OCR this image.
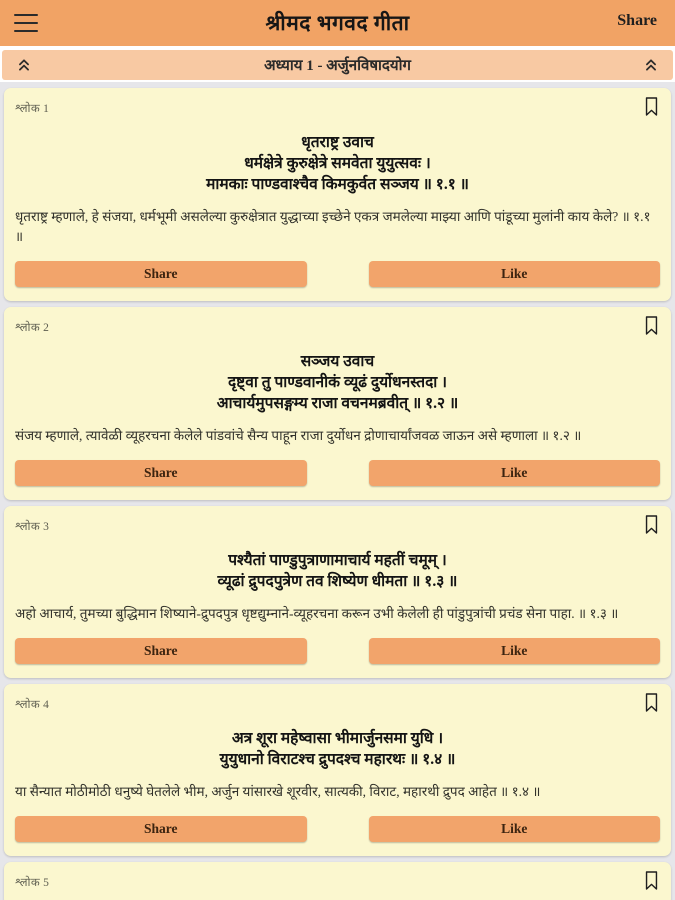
श्रीमद भगवद गीता	Share
अध्याय 1 - अर्जुनविषादयोग
श्लोक 1
धृतराष्ट्र उवाच
धर्मक्षेत्रे कुरुक्षेत्रे समवेता युयुत्सवः ।
मामकाः पाण्डवाश्चैव किमकुर्वत सञ्जय ॥ १.१ ॥

धृतराष्ट्र म्हणाले, हे संजया, धर्मभूमी असलेल्या कुरुक्षेत्रात युद्धाच्या इच्छेने एकत्र जमलेल्या माझ्या आणि पांडूच्या मुलांनी काय केले? ॥ १.१ ॥

Share	Like
श्लोक 2
सञ्जय उवाच
दृष्ट्वा तु पाण्डवानीकं व्यूढं दुर्योधनस्तदा ।
आचार्यमुपसङ्गम्य राजा वचनमब्रवीत् ॥ १.२ ॥

संजय म्हणाले, त्यावेळी व्यूहरचना केलेले पांडवांचे सैन्य पाहून राजा दुर्योधन द्रोणाचार्यांजवळ जाऊन असे म्हणाला ॥ १.२ ॥

Share	Like
श्लोक 3
पश्यैतां पाण्डुपुत्राणामाचार्य महतीं चमूम् ।
व्यूढां द्रुपदपुत्रेण तव शिष्येण धीमता ॥ १.३ ॥

अहो आचार्य, तुमच्या बुद्धिमान शिष्याने-द्रुपदपुत्र धृष्टद्युम्नाने-व्यूहरचना करून उभी केलेली ही पांडुपुत्रांची प्रचंड सेना पाहा. ॥ १.३ ॥

Share	Like
श्लोक 4
अत्र शूरा महेष्वासा भीमार्जुनसमा युधि ।
युयुधानो विराटश्च द्रुपदश्च महारथः ॥ १.४ ॥

या सैन्यात मोठीमोठी धनुष्ये घेतलेले भीम, अर्जुन यांसारखे शूरवीर, सात्यकी, विराट, महारथी द्रुपद आहेत ॥ १.४ ॥

Share	Like
श्लोक 5
